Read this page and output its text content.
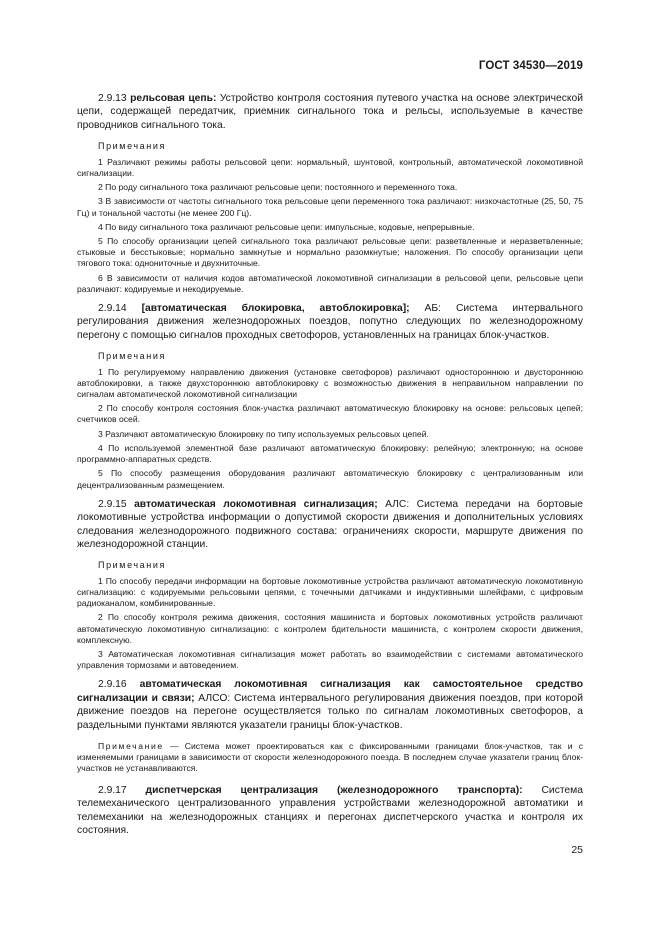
ГОСТ 34530—2019

2.9.13 рельсовая цепь: Устройство контроля состояния путевого участка на основе электрической цепи, содержащей передатчик, приемник сигнального тока и рельсы, используемые в качестве проводников сигнального тока.

Примечания

1 Различают режимы работы рельсовой цепи: нормальный, шунтовой, контрольный, автоматической локомотивной сигнализации.

2 По роду сигнального тока различают рельсовые цепи: постоянного и переменного тока.

3 В зависимости от частоты сигнального тока рельсовые цепи переменного тока различают: низкочастотные (25, 50, 75 Гц) и тональной частоты (не менее 200 Гц).

4 По виду сигнального тока различают рельсовые цепи: импульсные, кодовые, непрерывные.

5 По способу организации цепей сигнального тока различают рельсовые цепи: разветвленные и неразветвленные; стыковые и бесстыковые; нормально замкнутые и нормально разомкнутые; наложения. По способу организации цепи тягового тока: однониточные и двухниточные.

6 В зависимости от наличия кодов автоматической локомотивной сигнализации в рельсовой цепи, рельсовые цепи различают: кодируемые и некодируемые.

2.9.14 [автоматическая блокировка, автоблокировка]; АБ: Система интервального регулирования движения железнодорожных поездов, попутно следующих по железнодорожному перегону с помощью сигналов проходных светофоров, установленных на границах блок-участков.

Примечания

1 По регулируемому направлению движения (установке светофоров) различают одностороннюю и двустороннюю автоблокировки, а также двухстороннюю автоблокировку с возможностью движения в неправильном направлении по сигналам автоматической локомотивной сигнализации

2 По способу контроля состояния блок-участка различают автоматическую блокировку на основе: рельсовых цепей; счетчиков осей.

3 Различают автоматическую блокировку по типу используемых рельсовых цепей.

4 По используемой элементной базе различают автоматическую блокировку: релейную; электронную; на основе программно-аппаратных средств.

5 По способу размещения оборудования различают автоматическую блокировку с централизованным или децентрализованным размещением.

2.9.15 автоматическая локомотивная сигнализация; АЛС: Система передачи на бортовые локомотивные устройства информации о допустимой скорости движения и дополнительных условиях следования железнодорожного подвижного состава: ограничениях скорости, маршруте движения по железнодорожной станции.

Примечания

1 По способу передачи информации на бортовые локомотивные устройства различают автоматическую локомотивную сигнализацию: с кодируемыми рельсовыми цепями, с точечными датчиками и индуктивными шлейфами, с цифровым радиоканалом, комбинированные.

2 По способу контроля режима движения, состояния машиниста и бортовых локомотивных устройств различают автоматическую локомотивную сигнализацию: с контролем бдительности машиниста, с контролем скорости движения, комплексную.

3 Автоматическая локомотивная сигнализация может работать во взаимодействии с системами автоматического управления тормозами и автоведением.

2.9.16 автоматическая локомотивная сигнализация как самостоятельное средство сигнализации и связи; АЛСО: Система интервального регулирования движения поездов, при которой движение поездов на перегоне осуществляется только по сигналам локомотивных светофоров, а раздельными пунктами являются указатели границы блок-участков.

Примечание — Система может проектироваться как с фиксированными границами блок-участков, так и с изменяемыми границами в зависимости от скорости железнодорожного поезда. В последнем случае указатели границ блок-участков не устанавливаются.

2.9.17 диспетчерская централизация (железнодорожного транспорта): Система телемеханического централизованного управления устройствами железнодорожной автоматики и телемеханики на железнодорожных станциях и перегонах диспетчерского участка и контроля их состояния.

25
